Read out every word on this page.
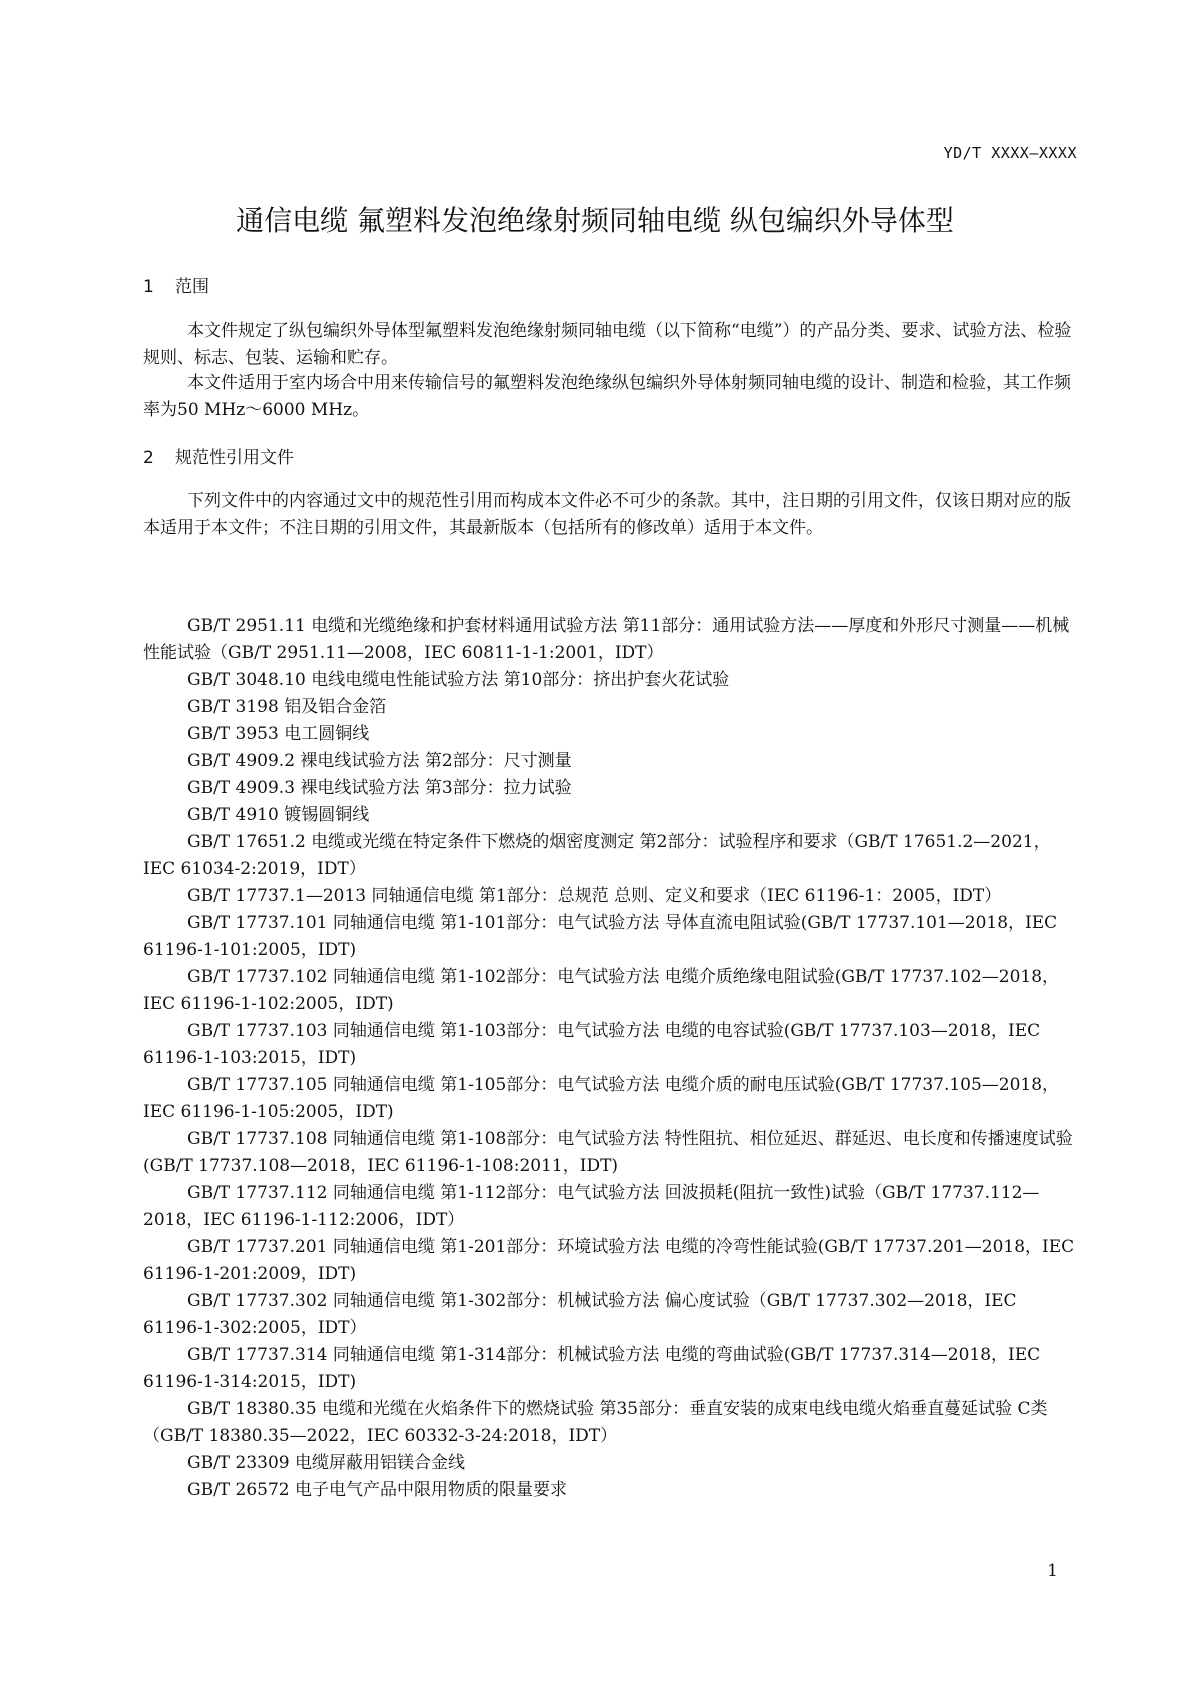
YD/T XXXX—XXXX
通信电缆 氟塑料发泡绝缘射频同轴电缆 纵包编织外导体型
1 范围

本文件规定了纵包编织外导体型氟塑料发泡绝缘射频同轴电缆（以下简称“电缆”）的产品分类、要求、试验方法、检验规则、标志、包装、运输和贮存。

本文件适用于室内场合中用来传输信号的氟塑料发泡绝缘纵包编织外导体射频同轴电缆的设计、制造和检验，其工作频率为50 MHz～6000 MHz。

2 规范性引用文件

下列文件中的内容通过文中的规范性引用而构成本文件必不可少的条款。其中，注日期的引用文件，仅该日期对应的版本适用于本文件；不注日期的引用文件，其最新版本（包括所有的修改单）适用于本文件。

GB/T 2951.11 电缆和光缆绝缘和护套材料通用试验方法 第11部分：通用试验方法——厚度和外形尺寸测量——机械性能试验（GB/T 2951.11—2008，IEC 60811-1-1:2001，IDT）
GB/T 3048.10 电线电缆电性能试验方法 第10部分：挤出护套火花试验
GB/T 3198 铝及铝合金箔
GB/T 3953 电工圆铜线
GB/T 4909.2 裸电线试验方法 第2部分：尺寸测量
GB/T 4909.3 裸电线试验方法 第3部分：拉力试验
GB/T 4910 镀锡圆铜线
GB/T 17651.2 电缆或光缆在特定条件下燃烧的烟密度测定 第2部分：试验程序和要求（GB/T 17651.2—2021，IEC 61034-2:2019，IDT）
GB/T 17737.1—2013 同轴通信电缆 第1部分：总规范 总则、定义和要求（IEC 61196-1：2005，IDT）
GB/T 17737.101 同轴通信电缆 第1-101部分：电气试验方法 导体直流电阻试验(GB/T 17737.101—2018，IEC 61196-1-101:2005，IDT)
GB/T 17737.102 同轴通信电缆 第1-102部分：电气试验方法 电缆介质绝缘电阻试验(GB/T 17737.102—2018，IEC 61196-1-102:2005，IDT)
GB/T 17737.103 同轴通信电缆 第1-103部分：电气试验方法 电缆的电容试验(GB/T 17737.103—2018，IEC 61196-1-103:2015，IDT)
GB/T 17737.105 同轴通信电缆 第1-105部分：电气试验方法 电缆介质的耐电压试验(GB/T 17737.105—2018，IEC 61196-1-105:2005，IDT)
GB/T 17737.108 同轴通信电缆 第1-108部分：电气试验方法 特性阻抗、相位延迟、群延迟、电长度和传播速度试验(GB/T 17737.108—2018，IEC 61196-1-108:2011，IDT)
GB/T 17737.112 同轴通信电缆 第1-112部分：电气试验方法 回波损耗(阻抗一致性)试验（GB/T 17737.112—2018，IEC 61196-1-112:2006，IDT）
GB/T 17737.201 同轴通信电缆 第1-201部分：环境试验方法 电缆的冷弯性能试验(GB/T 17737.201—2018，IEC 61196-1-201:2009，IDT)
GB/T 17737.302 同轴通信电缆 第1-302部分：机械试验方法 偏心度试验（GB/T 17737.302—2018，IEC 61196-1-302:2005，IDT）
GB/T 17737.314 同轴通信电缆 第1-314部分：机械试验方法 电缆的弯曲试验(GB/T 17737.314—2018，IEC 61196-1-314:2015，IDT)
GB/T 18380.35 电缆和光缆在火焰条件下的燃烧试验 第35部分：垂直安装的成束电线电缆火焰垂直蔓延试验 C类（GB/T 18380.35—2022，IEC 60332-3-24:2018，IDT）
GB/T 23309 电缆屏蔽用铝镁合金线
GB/T 26572 电子电气产品中限用物质的限量要求
1
